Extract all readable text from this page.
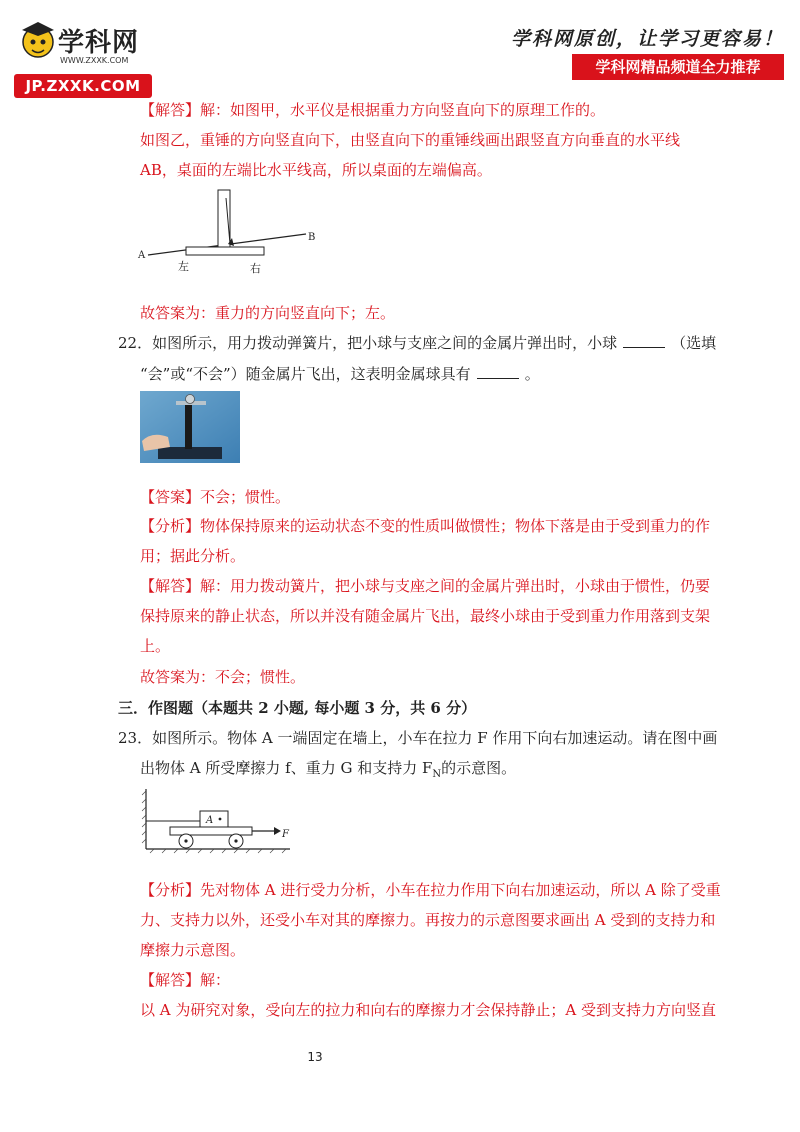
学科网
WWW.ZXXK.COM
JP.ZXXK.COM
学科网原创，让学习更容易！
学科网精品频道全力推荐
【解答】解：如图甲，水平仪是根据重力方向竖直向下的原理工作的。
如图乙，重锤的方向竖直向下，由竖直向下的重锤线画出跟竖直方向垂直的水平线
AB，桌面的左端比水平线高，所以桌面的左端偏高。
A
B
左	右
故答案为：重力的方向竖直向下；左。
22．如图所示，用力拨动弹簧片，把小球与支座之间的金属片弹出时，小球	（选填
“会”或“不会”）随金属片飞出，这表明金属球具有	。
【答案】不会；惯性。
【分析】物体保持原来的运动状态不变的性质叫做惯性；物体下落是由于受到重力的作
用；据此分析。
【解答】解：用力拨动簧片，把小球与支座之间的金属片弹出时，小球由于惯性，仍要
保持原来的静止状态，所以并没有随金属片飞出，最终小球由于受到重力作用落到支架
上。
故答案为：不会；惯性。
三．作图题（本题共 2 小题, 每小题 3 分，共 6 分）
23．如图所示。物体 A 一端固定在墙上，小车在拉力 F 作用下向右加速运动。请在图中画
出物体 A 所受摩擦力 f、重力 G 和支持力 $F_N$的示意图。
A
F
【分析】先对物体 A 进行受力分析，小车在拉力作用下向右加速运动，所以 A 除了受重
力、支持力以外，还受小车对其的摩擦力。再按力的示意图要求画出 A 受到的支持力和
摩擦力示意图。
【解答】解：
以 A 为研究对象，受向左的拉力和向右的摩擦力才会保持静止；A 受到支持力方向竖直
13
